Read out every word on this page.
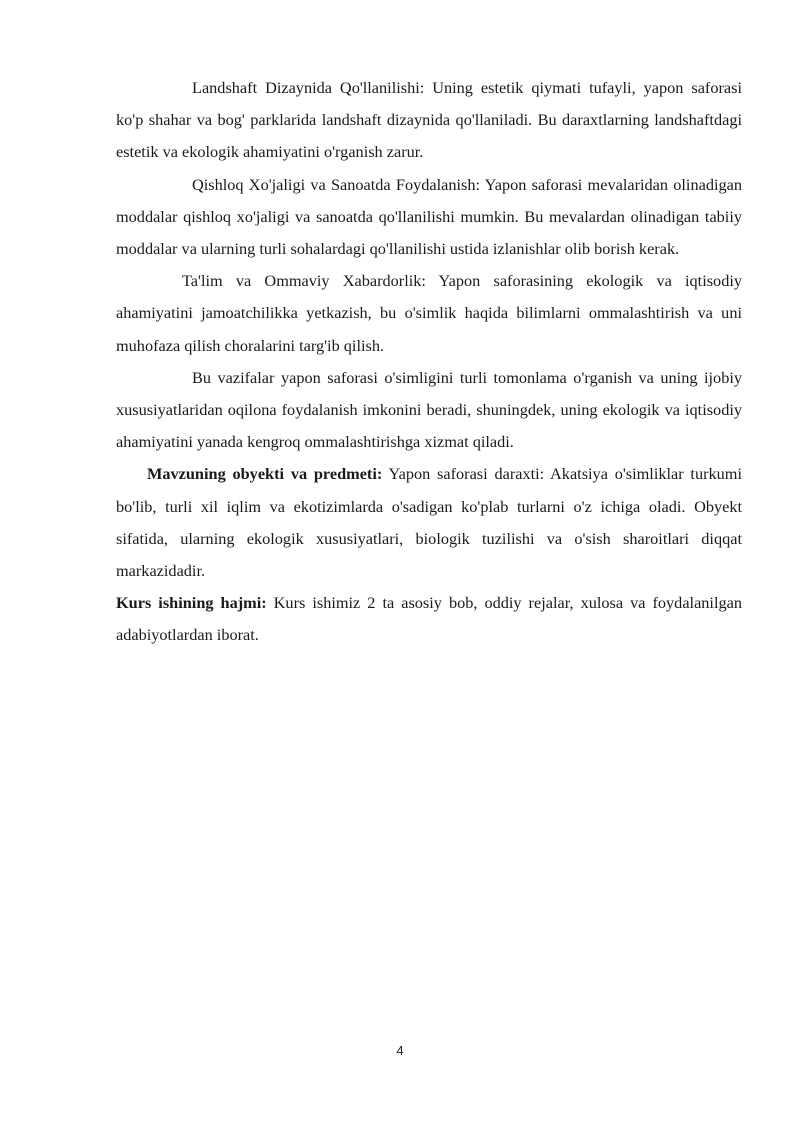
Landshaft Dizaynida Qo'llanilishi: Uning estetik qiymati tufayli, yapon saforasi ko'p shahar va bog' parklarida landshaft dizaynida qo'llaniladi. Bu daraxtlarning landshaftdagi estetik va ekologik ahamiyatini o'rganish zarur.

Qishloq Xo'jaligi va Sanoatda Foydalanish: Yapon saforasi mevalaridan olinadigan moddalar qishloq xo'jaligi va sanoatda qo'llanilishi mumkin. Bu mevalardan olinadigan tabiiy moddalar va ularning turli sohalardagi qo'llanilishi ustida izlanishlar olib borish kerak.

Ta'lim va Ommaviy Xabardorlik: Yapon saforasining ekologik va iqtisodiy ahamiyatini jamoatchilikka yetkazish, bu o'simlik haqida bilimlarni ommalashtirish va uni muhofaza qilish choralarini targ'ib qilish.

Bu vazifalar yapon saforasi o'simligini turli tomonlama o'rganish va uning ijobiy xususiyatlaridan oqilona foydalanish imkonini beradi, shuningdek, uning ekologik va iqtisodiy ahamiyatini yanada kengroq ommalashtirishga xizmat qiladi.

Mavzuning obyekti va predmeti: Yapon saforasi daraxti: Akatsiya o'simliklar turkumi bo'lib, turli xil iqlim va ekotizimlarda o'sadigan ko'plab turlarni o'z ichiga oladi. Obyekt sifatida, ularning ekologik xususiyatlari, biologik tuzilishi va o'sish sharoitlari diqqat markazidadir.

Kurs ishining hajmi: Kurs ishimiz 2 ta asosiy bob, oddiy rejalar, xulosa va foydalanilgan adabiyotlardan iborat.

4
